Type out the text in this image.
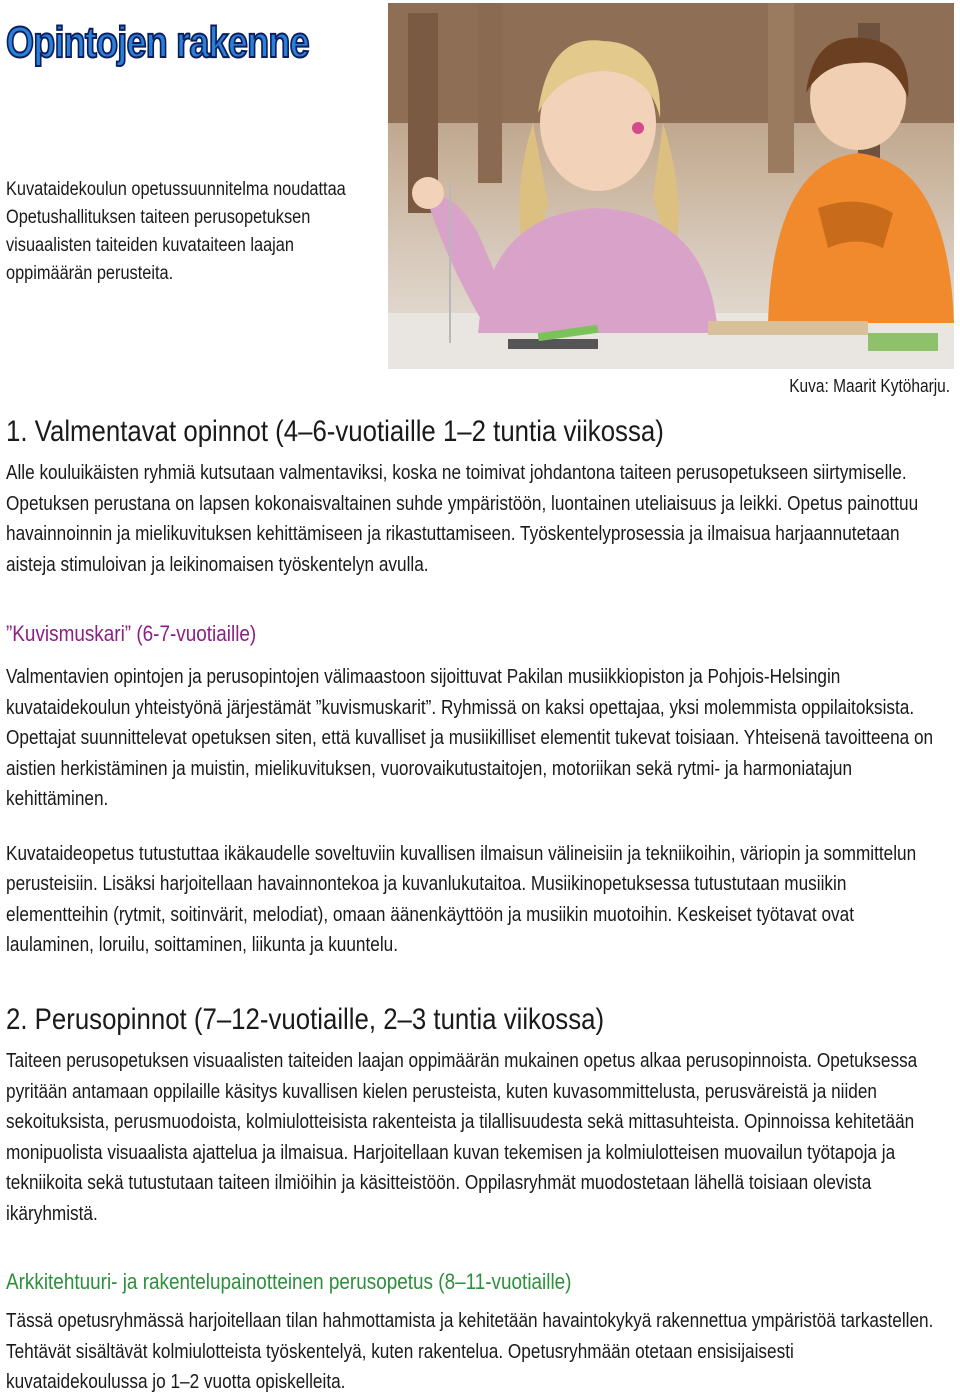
Opintojen rakenne
Kuvataidekoulun opetussuunnitelma noudattaa Opetushallituksen taiteen perusopetuksen visuaalisten taiteiden kuvataiteen laajan oppimäärän perusteita.
Kuva: Maarit Kytöharju.
1. Valmentavat opinnot (4–6-vuotiaille 1–2 tuntia viikossa)

Alle kouluikäisten ryhmiä kutsutaan valmentaviksi, koska ne toimivat johdantona taiteen perusopetukseen siirtymiselle. Opetuksen perustana on lapsen kokonaisvaltainen suhde ympäristöön, luontainen uteliaisuus ja leikki. Opetus painottuu havainnoinnin ja mielikuvituksen kehittämiseen ja rikastuttamiseen. Työskentelyprosessia ja ilmaisua harjaannutetaan aisteja stimuloivan ja leikinomaisen työskentelyn avulla.

”Kuvismuskari” (6-7-vuotiaille)

Valmentavien opintojen ja perusopintojen välimaastoon sijoittuvat Pakilan musiikkiopiston ja Pohjois-Helsingin kuvataidekoulun yhteistyönä järjestämät ”kuvismuskarit”. Ryhmissä on kaksi opettajaa, yksi molemmista oppilaitoksista. Opettajat suunnittelevat opetuksen siten, että kuvalliset ja musiikilliset elementit tukevat toisiaan. Yhteisenä tavoitteena on aistien herkistäminen ja muistin, mielikuvituksen, vuorovaikutustaitojen, motoriikan sekä rytmi- ja harmoniatajun kehittäminen.

Kuvataideopetus tutustuttaa ikäkaudelle soveltuviin kuvallisen ilmaisun välineisiin ja tekniikoihin, väriopin ja sommittelun perusteisiin. Lisäksi harjoitellaan havainnontekoa ja kuvanlukutaitoa. Musiikinopetuksessa tutustutaan musiikin elementteihin (rytmit, soitinvärit, melodiat), omaan äänenkäyttöön ja musiikin muotoihin. Keskeiset työtavat ovat laulaminen, loruilu, soittaminen, liikunta ja kuuntelu.

2. Perusopinnot (7–12-vuotiaille, 2–3 tuntia viikossa)

Taiteen perusopetuksen visuaalisten taiteiden laajan oppimäärän mukainen opetus alkaa perusopinnoista. Opetuksessa pyritään antamaan oppilaille käsitys kuvallisen kielen perusteista, kuten kuvasommittelusta, perusväreistä ja niiden sekoituksista, perusmuodoista, kolmiulotteisista rakenteista ja tilallisuudesta sekä mittasuhteista. Opinnoissa kehitetään monipuolista visuaalista ajattelua ja ilmaisua. Harjoitellaan kuvan tekemisen ja kolmiulotteisen muovailun työtapoja ja tekniikoita sekä tutustutaan taiteen ilmiöihin ja käsitteistöön. Oppilasryhmät muodostetaan lähellä toisiaan olevista ikäryhmistä.

Arkkitehtuuri- ja rakentelupainotteinen perusopetus (8–11-vuotiaille)

Tässä opetusryhmässä harjoitellaan tilan hahmottamista ja kehitetään havaintokykyä rakennettua ympäristöä tarkastellen. Tehtävät sisältävät kolmiulotteista työskentelyä, kuten rakentelua. Opetusryhmään otetaan ensisijaisesti kuvataidekoulussa jo 1–2 vuotta opiskelleita.
